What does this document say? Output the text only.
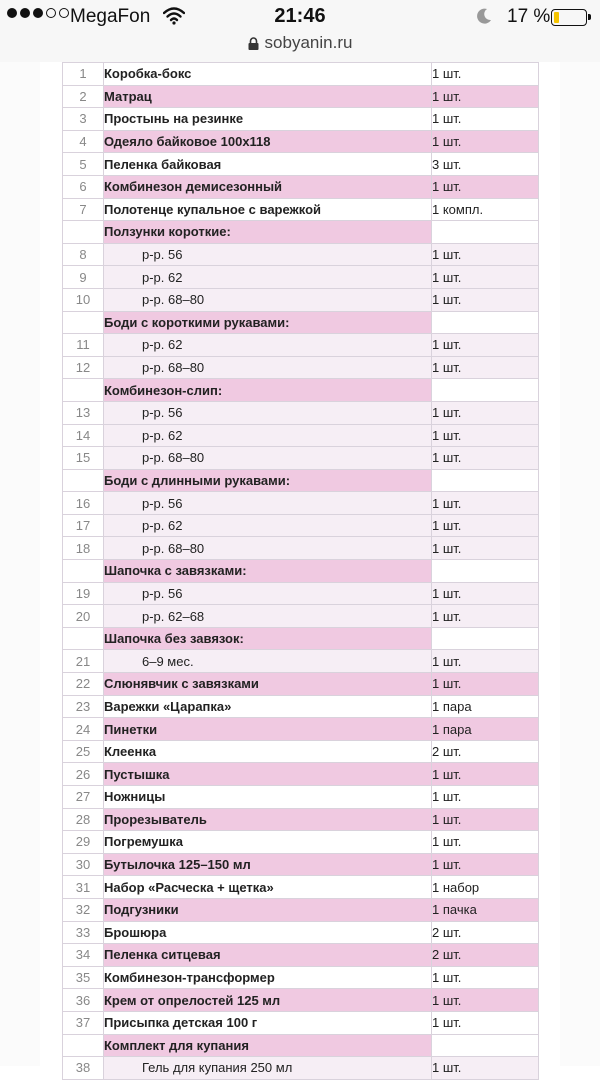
MegaFon	21:46	17 %
sobyanin.ru
1	Коробка-бокс	1 шт.
2	Матрац	1 шт.
3	Простынь на резинке	1 шт.
4	Одеяло байковое 100х118	1 шт.
5	Пеленка байковая	3 шт.
6	Комбинезон демисезонный	1 шт.
7	Полотенце купальное с варежкой	1 компл.
	Ползунки короткие:	
8	р-р. 56	1 шт.
9	р-р. 62	1 шт.
10	р-р. 68–80	1 шт.
	Боди с короткими рукавами:	
11	р-р. 62	1 шт.
12	р-р. 68–80	1 шт.
	Комбинезон-слип:	
13	р-р. 56	1 шт.
14	р-р. 62	1 шт.
15	р-р. 68–80	1 шт.
	Боди с длинными рукавами:	
16	р-р. 56	1 шт.
17	р-р. 62	1 шт.
18	р-р. 68–80	1 шт.
	Шапочка с завязками:	
19	р-р. 56	1 шт.
20	р-р. 62–68	1 шт.
	Шапочка без завязок:	
21	6–9 мес.	1 шт.
22	Слюнявчик с завязками	1 шт.
23	Варежки «Царапка»	1 пара
24	Пинетки	1 пара
25	Клеенка	2 шт.
26	Пустышка	1 шт.
27	Ножницы	1 шт.
28	Прорезыватель	1 шт.
29	Погремушка	1 шт.
30	Бутылочка 125–150 мл	1 шт.
31	Набор «Расческа + щетка»	1 набор
32	Подгузники	1 пачка
33	Брошюра	2 шт.
34	Пеленка ситцевая	2 шт.
35	Комбинезон-трансформер	1 шт.
36	Крем от опрелостей 125 мл	1 шт.
37	Присыпка детская 100 г	1 шт.
	Комплект для купания	
38	Гель для купания 250 мл	1 шт.
